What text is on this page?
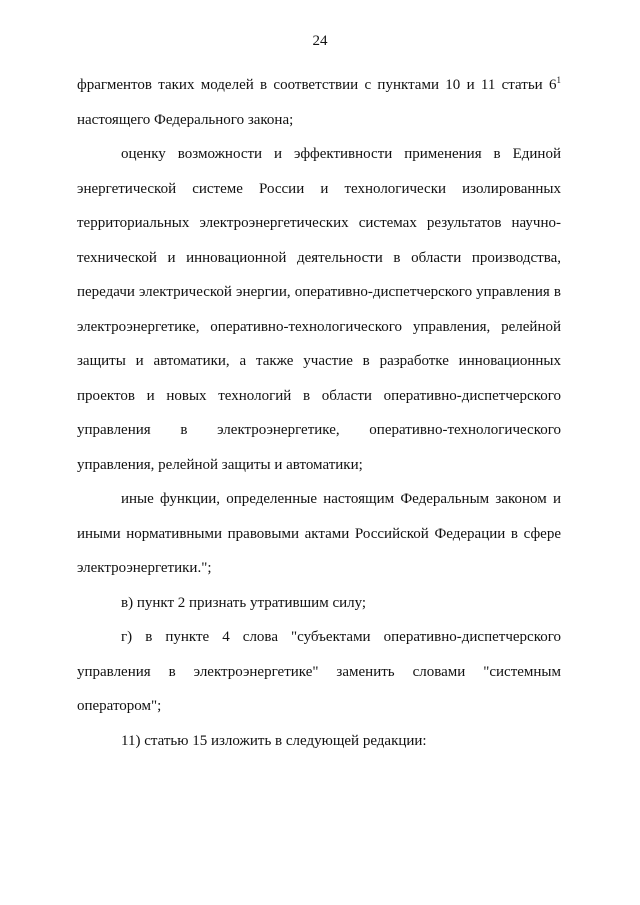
24

фрагментов таких моделей в соответствии с пунктами 10 и 11 статьи $6^1$ настоящего Федерального закона;

оценку возможности и эффективности применения в Единой энергетической системе России и технологически изолированных территориальных электроэнергетических системах результатов научно-технической и инновационной деятельности в области производства, передачи электрической энергии, оперативно-диспетчерского управления в электроэнергетике, оперативно-технологического управления, релейной защиты и автоматики, а также участие в разработке инновационных проектов и новых технологий в области оперативно-диспетчерского управления в электроэнергетике, оперативно-технологического управления, релейной защиты и автоматики;

иные функции, определенные настоящим Федеральным законом и иными нормативными правовыми актами Российской Федерации в сфере электроэнергетики.";

в) пункт 2 признать утратившим силу;

г) в пункте 4 слова "субъектами оперативно-диспетчерского управления в электроэнергетике" заменить словами "системным оператором";

11) статью 15 изложить в следующей редакции:
